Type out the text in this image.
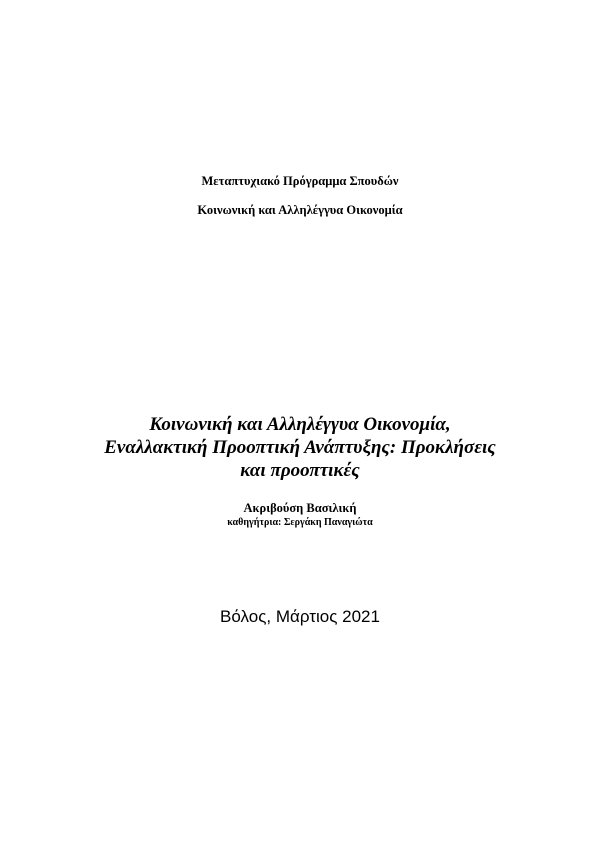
Μεταπτυχιακό Πρόγραμμα Σπουδών
Κοινωνική και Αλληλέγγυα Οικονομία
Κοινωνική και Αλληλέγγυα Οικονομία,
Εναλλακτική Προοπτική Ανάπτυξης: Προκλήσεις
και προοπτικές
Ακριβούση Βασιλική
καθηγήτρια: Σεργάκη Παναγιώτα
Βόλος, Μάρτιος 2021
